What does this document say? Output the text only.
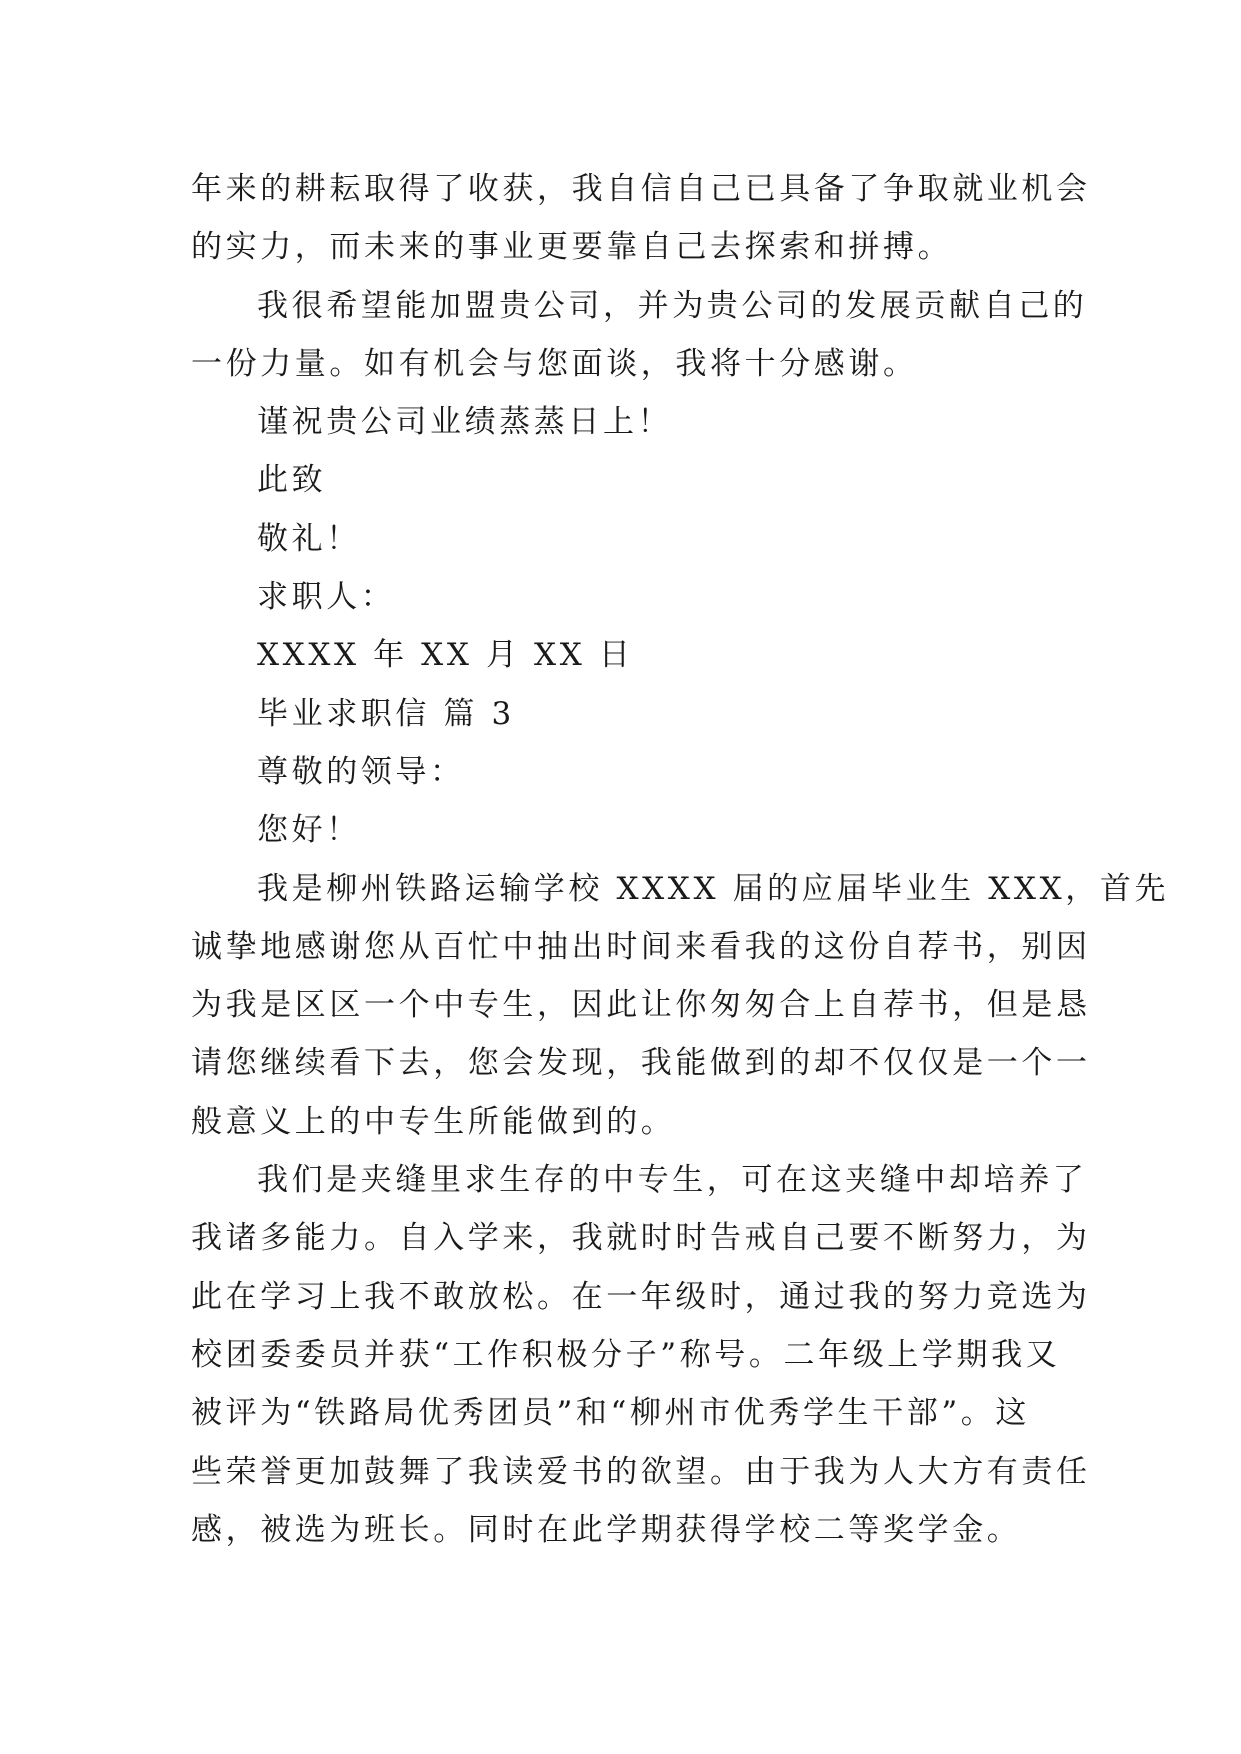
年来的耕耘取得了收获，我自信自己已具备了争取就业机会
的实力，而未来的事业更要靠自己去探索和拼搏。
我很希望能加盟贵公司，并为贵公司的发展贡献自己的
一份力量。如有机会与您面谈，我将十分感谢。
谨祝贵公司业绩蒸蒸日上！
此致
敬礼！
求职人：
XXXX 年 XX 月 XX 日
毕业求职信 篇 3
尊敬的领导：
您好！
我是柳州铁路运输学校 XXXX 届的应届毕业生 XXX，首先
诚挚地感谢您从百忙中抽出时间来看我的这份自荐书，别因
为我是区区一个中专生，因此让你匆匆合上自荐书，但是恳
请您继续看下去，您会发现，我能做到的却不仅仅是一个一
般意义上的中专生所能做到的。
我们是夹缝里求生存的中专生，可在这夹缝中却培养了
我诸多能力。自入学来，我就时时告戒自己要不断努力，为
此在学习上我不敢放松。在一年级时，通过我的努力竞选为
校团委委员并获“工作积极分子”称号。二年级上学期我又
被评为“铁路局优秀团员”和“柳州市优秀学生干部”。这
些荣誉更加鼓舞了我读爱书的欲望。由于我为人大方有责任
感，被选为班长。同时在此学期获得学校二等奖学金。
